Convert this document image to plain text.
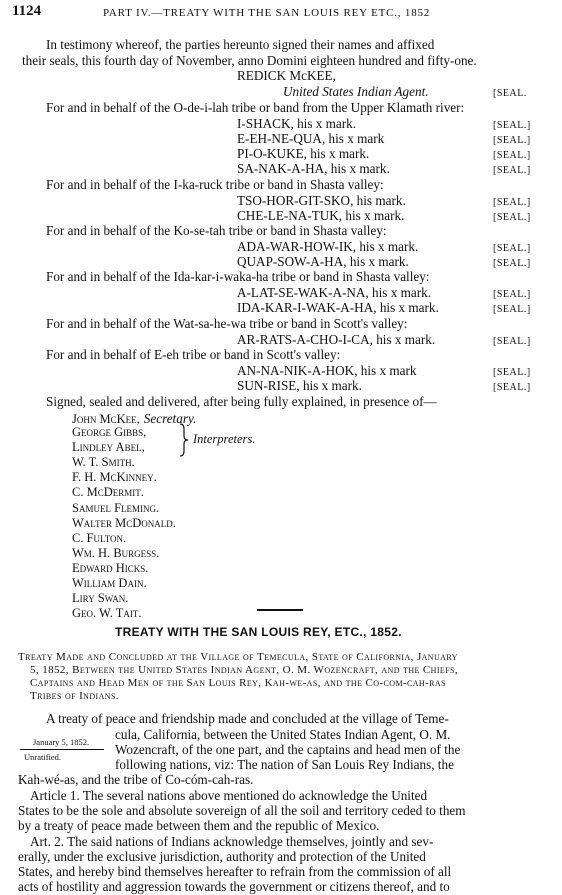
1124	PART IV.—TREATY WITH THE SAN LOUIS REY ETC., 1852
In testimony whereof, the parties hereunto signed their names and affixed
their seals, this fourth day of November, anno Domini eighteen hundred and fifty-one.
REDICK McKEE,
United States Indian Agent.	[SEAL.
For and in behalf of the O-de-i-lah tribe or band from the Upper Klamath river:
I-SHACK, his x mark.	[SEAL.]
E-EH-NE-QUA, his x mark	[SEAL.]
PI-O-KUKE, his x mark.	[SEAL.]
SA-NAK-A-HA, his x mark.	[SEAL.]
For and in behalf of the I-ka-ruck tribe or band in Shasta valley:
TSO-HOR-GIT-SKO, his mark.	[SEAL.]
CHE-LE-NA-TUK, his x mark.	[SEAL.]
For and in behalf of the Ko-se-tah tribe or band in Shasta valley:
ADA-WAR-HOW-IK, his x mark.	[SEAL.]
QUAP-SOW-A-HA, his x mark.	[SEAL.]
For and in behalf of the Ida-kar-i-waka-ha tribe or band in Shasta valley:
A-LAT-SE-WAK-A-NA, his x mark.	[SEAL.]
IDA-KAR-I-WAK-A-HA, his x mark.	[SEAL.]
For and in behalf of the Wat-sa-he-wa tribe or band in Scott's valley:
AR-RATS-A-CHO-I-CA, his x mark.	[SEAL.]
For and in behalf of E-eh tribe or band in Scott's valley:
AN-NA-NIK-A-HOK, his x mark	[SEAL.]
SUN-RISE, his x mark.	[SEAL.]
Signed, sealed and delivered, after being fully explained, in presence of—
John McKee, Secretary.
Interpreters.
George Gibbs,
Lindley Abel,
W. T. Smith.
F. H. McKinney.
C. McDermit.
Samuel Fleming.
Walter McDonald.
C. Fulton.
Wm. H. Burgess.
Edward Hicks.
William Dain.
Liry Swan.
Geo. W. Tait.
TREATY WITH THE SAN LOUIS REY, ETC., 1852.
Treaty Made and Concluded at the Village of Temecula, State of California, January
5, 1852, Between the United States Indian Agent, O. M. Wozencraft, and the Chiefs,
Captains and Head Men of the San Louis Rey, Kah-we-as, and the Co-com-cah-ras
Tribes of Indians.
A treaty of peace and friendship made and concluded at the village of Teme-
cula, California, between the United States Indian Agent, O. M.
January 5, 1852. Wozencraft, of the one part, and the captains and head men of the
Unratified.	following nations, viz: The nation of San Louis Rey Indians, the
Kah-wé-as, and the tribe of Co-cóm-cah-ras.
Article 1. The several nations above mentioned do acknowledge the United
States to be the sole and absolute sovereign of all the soil and territory ceded to them
by a treaty of peace made between them and the republic of Mexico.
Art. 2. The said nations of Indians acknowledge themselves, jointly and sev-
erally, under the exclusive jurisdiction, authority and protection of the United
States, and hereby bind themselves hereafter to refrain from the commission of all
acts of hostility and aggression towards the government or citizens thereof, and to
